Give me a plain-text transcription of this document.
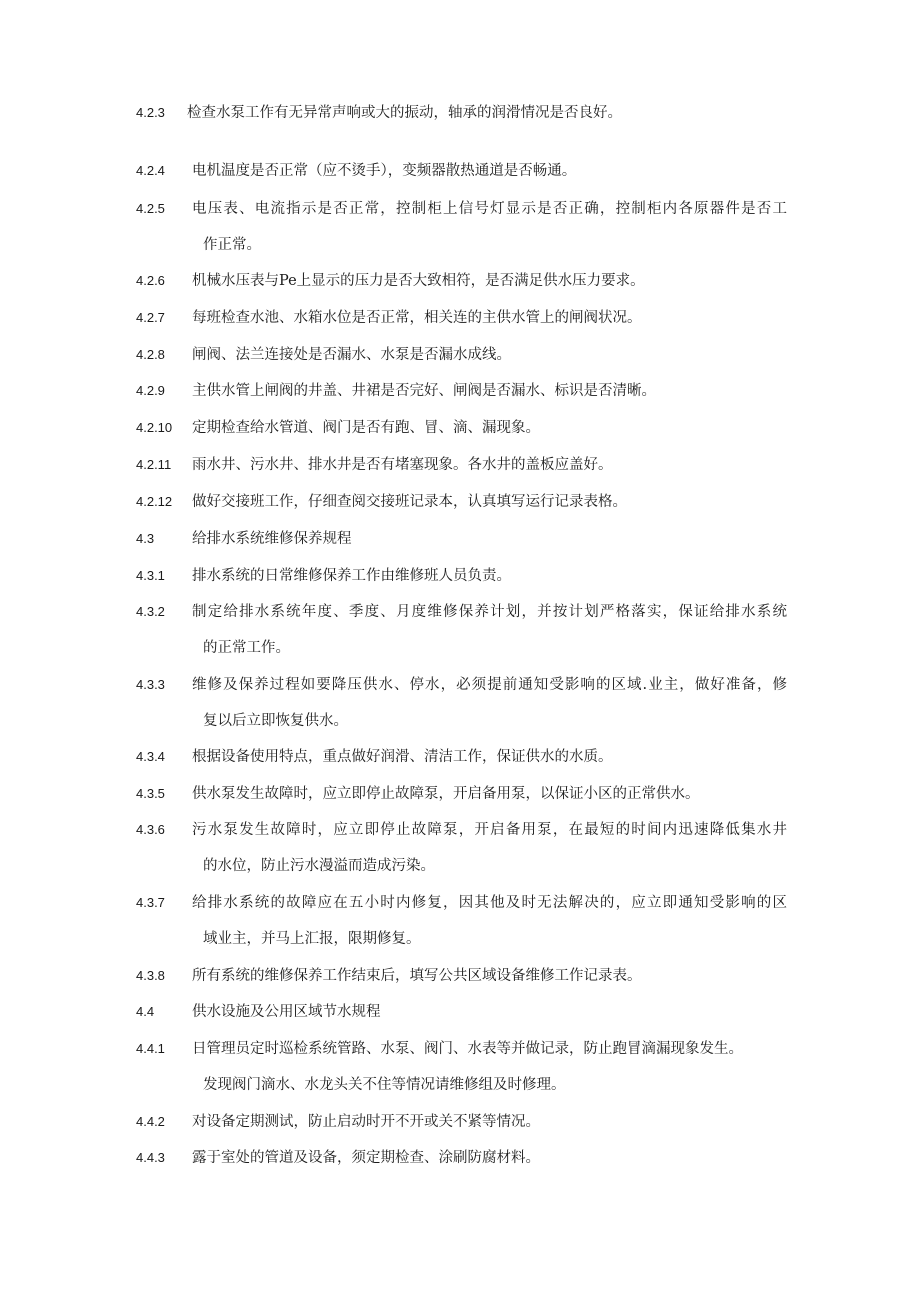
4.2.3 检查水泵工作有无异常声响或大的振动，轴承的润滑情况是否良好。
4.2.4 电机温度是否正常（应不烫手），变频器散热通道是否畅通。
4.2.5 电压表、电流指示是否正常，控制柜上信号灯显示是否正确，控制柜内各原器件是否工
作正常。
4.2.6 机械水压表与Pe上显示的压力是否大致相符，是否满足供水压力要求。
4.2.7 每班检查水池、水箱水位是否正常，相关连的主供水管上的闸阀状况。
4.2.8 闸阀、法兰连接处是否漏水、水泵是否漏水成线。
4.2.9 主供水管上闸阀的井盖、井裙是否完好、闸阀是否漏水、标识是否清晰。
4.2.10 定期检查给水管道、阀门是否有跑、冒、滴、漏现象。
4.2.11 雨水井、污水井、排水井是否有堵塞现象。各水井的盖板应盖好。
4.2.12 做好交接班工作，仔细查阅交接班记录本，认真填写运行记录表格。
4.3	给排水系统维修保养规程
4.3.1 排水系统的日常维修保养工作由维修班人员负责。
4.3.2 制定给排水系统年度、季度、月度维修保养计划，并按计划严格落实，保证给排水系统
的正常工作。
4.3.3 维修及保养过程如要降压供水、停水，必须提前通知受影响的区域.业主，做好准备，修
复以后立即恢复供水。
4.3.4 根据设备使用特点，重点做好润滑、清洁工作，保证供水的水质。
4.3.5 供水泵发生故障时，应立即停止故障泵，开启备用泵，以保证小区的正常供水。
4.3.6 污水泵发生故障时，应立即停止故障泵，开启备用泵，在最短的时间内迅速降低集水井
的水位，防止污水漫溢而造成污染。
4.3.7 给排水系统的故障应在五小时内修复，因其他及时无法解决的，应立即通知受影响的区
域业主，并马上汇报，限期修复。
4.3.8 所有系统的维修保养工作结束后，填写公共区域设备维修工作记录表。
4.4	供水设施及公用区域节水规程
4.4.1 日管理员定时巡检系统管路、水泵、阀门、水表等并做记录，防止跑冒滴漏现象发生。
发现阀门滴水、水龙头关不住等情况请维修组及时修理。
4.4.2 对设备定期测试，防止启动时开不开或关不紧等情况。
4.4.3 露于室处的管道及设备，须定期检查、涂刷防腐材料。
